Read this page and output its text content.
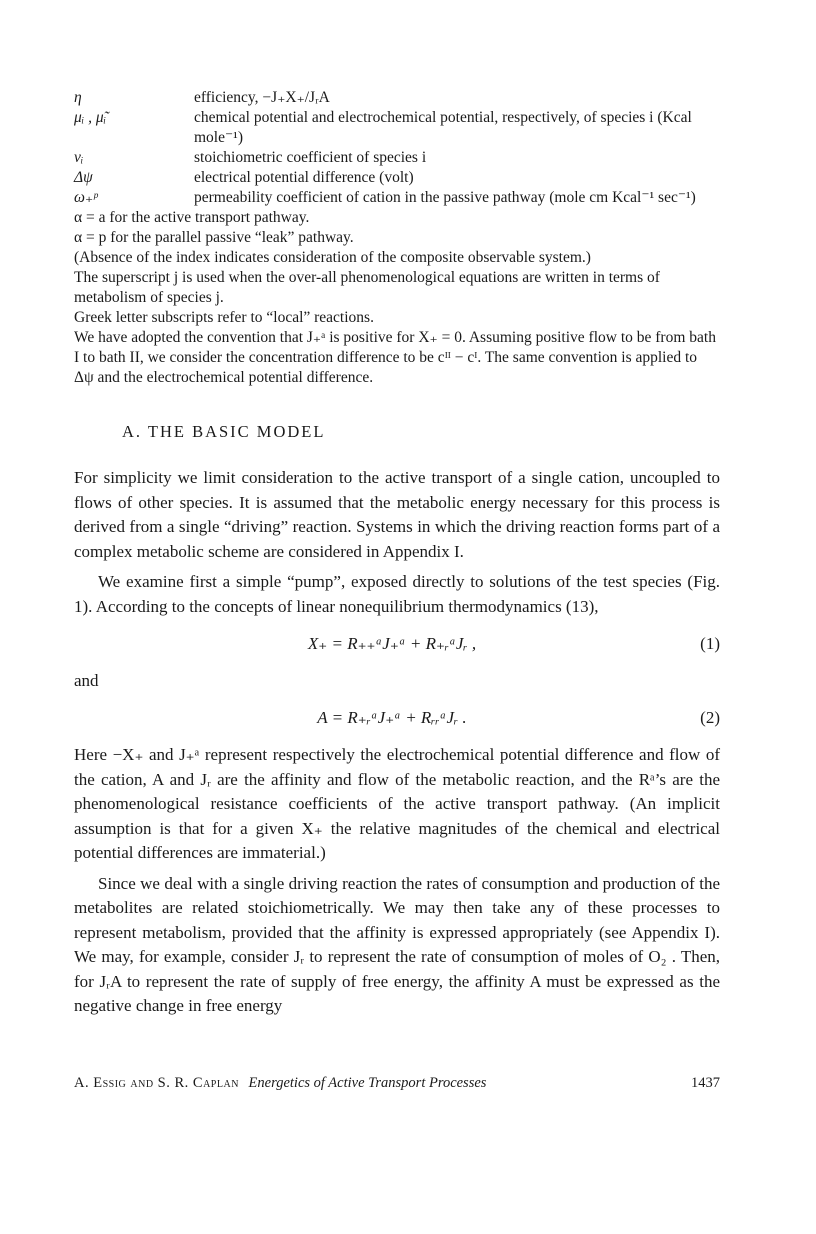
η	efficiency, −J₊X₊/JᵣA
μᵢ , μ̃ᵢ	chemical potential and electrochemical potential, respectively, of species i (Kcal mole⁻¹)
νᵢ	stoichiometric coefficient of species i
Δψ	electrical potential difference (volt)
ω₊ᵖ	permeability coefficient of cation in the passive pathway (mole cm Kcal⁻¹ sec⁻¹)
α = a for the active transport pathway.
α = p for the parallel passive “leak” pathway.
(Absence of the index indicates consideration of the composite observable system.)
The superscript j is used when the over-all phenomenological equations are written in terms of metabolism of species j.
Greek letter subscripts refer to “local” reactions.
We have adopted the convention that J₊ᵃ is positive for X₊ = 0. Assuming positive flow to be from bath I to bath II, we consider the concentration difference to be cᴵᴵ − cᴵ. The same convention is applied to Δψ and the electrochemical potential difference.
A. THE BASIC MODEL

For simplicity we limit consideration to the active transport of a single cation, uncoupled to flows of other species. It is assumed that the metabolic energy necessary for this process is derived from a single “driving” reaction. Systems in which the driving reaction forms part of a complex metabolic scheme are considered in Appendix I.

We examine first a simple “pump”, exposed directly to solutions of the test species (Fig. 1). According to the concepts of linear nonequilibrium thermodynamics (13),

X₊ = R₊₊ᵃJ₊ᵃ + R₊ᵣᵃJᵣ ,	(1)
and
A = R₊ᵣᵃJ₊ᵃ + RᵣᵣᵃJᵣ .	(2)

Here −X₊ and J₊ᵃ represent respectively the electrochemical potential difference and flow of the cation, A and Jᵣ are the affinity and flow of the metabolic reaction, and the Rᵃ’s are the phenomenological resistance coefficients of the active transport pathway. (An implicit assumption is that for a given X₊ the relative magnitudes of the chemical and electrical potential differences are immaterial.)

Since we deal with a single driving reaction the rates of consumption and production of the metabolites are related stoichiometrically. We may then take any of these processes to represent metabolism, provided that the affinity is expressed appropriately (see Appendix I). We may, for example, consider Jᵣ to represent the rate of consumption of moles of O₂ . Then, for JᵣA to represent the rate of supply of free energy, the affinity A must be expressed as the negative change in free energy

A. Essig and S. R. Caplan Energetics of Active Transport Processes	1437
